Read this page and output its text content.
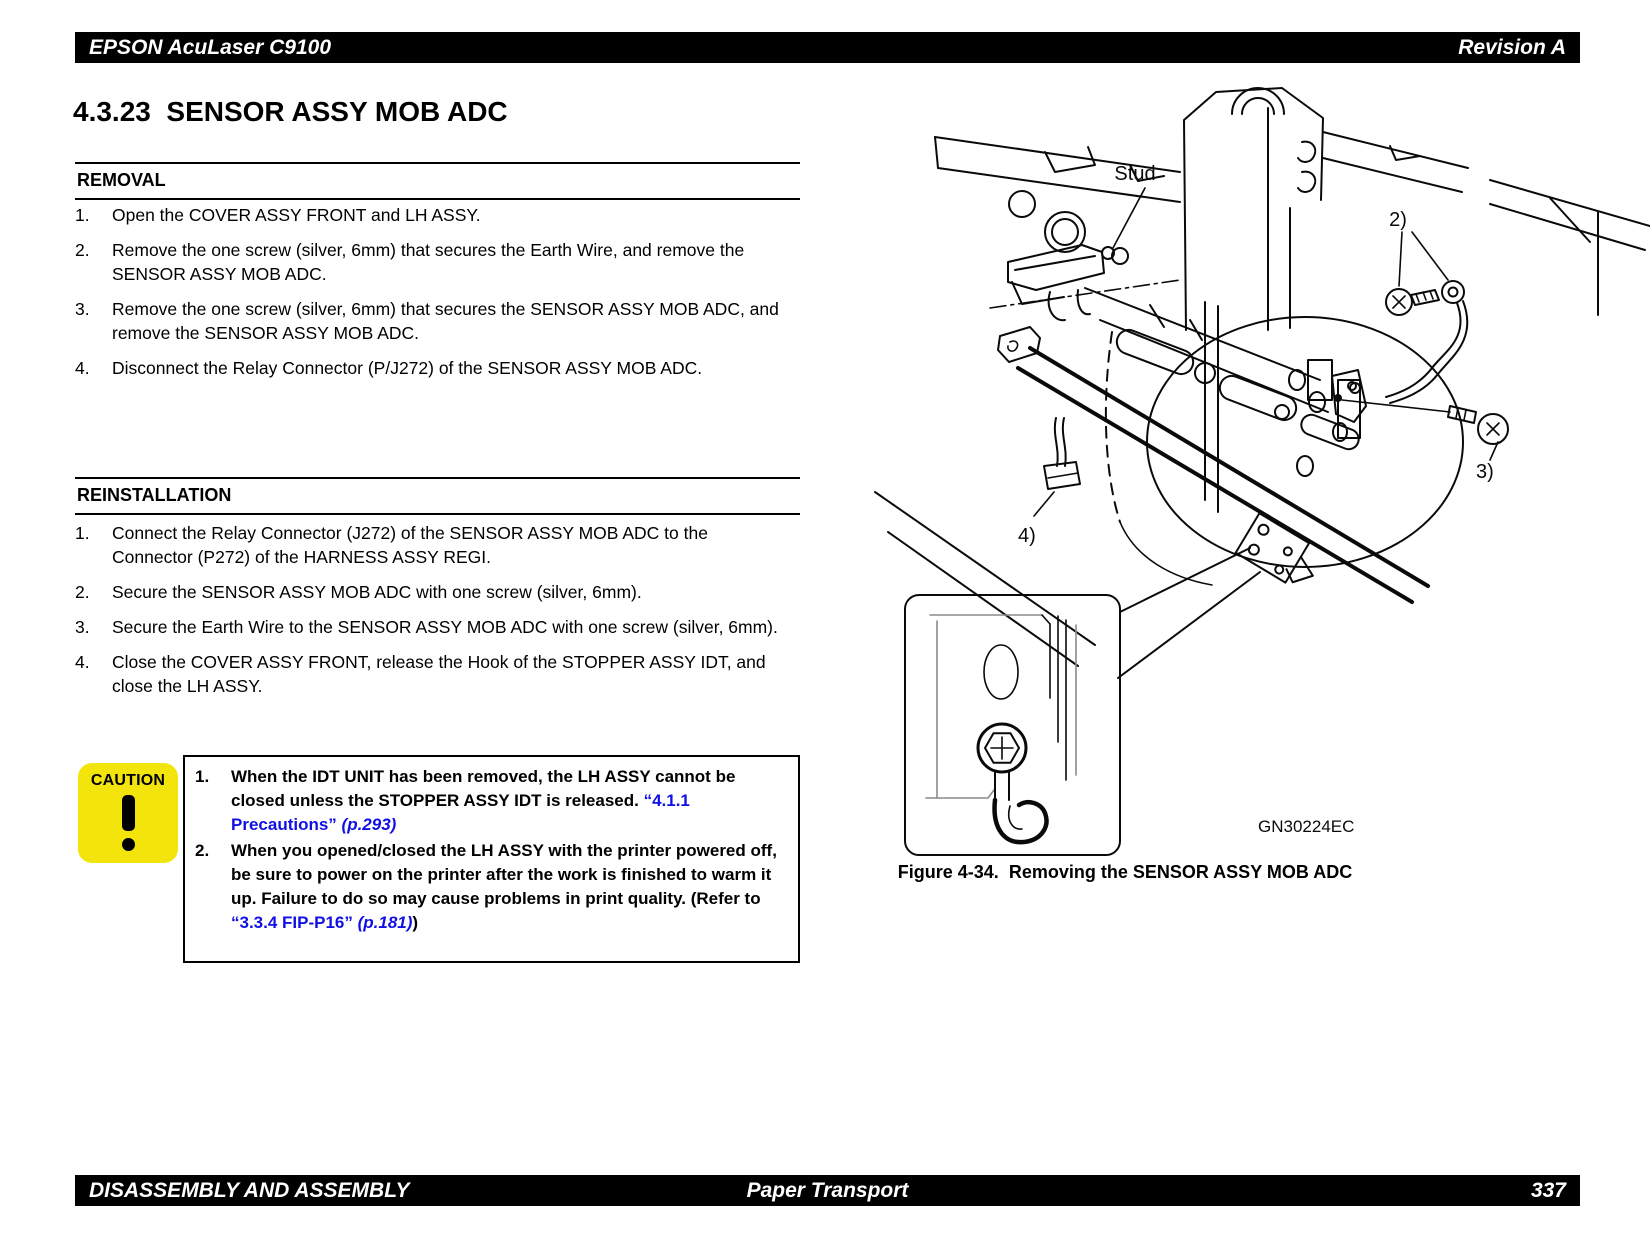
EPSON AcuLaser C9100	Revision A
4.3.23  SENSOR ASSY MOB ADC
REMOVAL
1.	Open the COVER ASSY FRONT and LH ASSY.
2.	Remove the one screw (silver, 6mm) that secures the Earth Wire, and remove the SENSOR ASSY MOB ADC.
3.	Remove the one screw (silver, 6mm) that secures the SENSOR ASSY MOB ADC, and remove the SENSOR ASSY MOB ADC.
4.	Disconnect the Relay Connector (P/J272) of the SENSOR ASSY MOB ADC.
REINSTALLATION
1.	Connect the Relay Connector (J272) of the SENSOR ASSY MOB ADC to the Connector (P272) of the HARNESS ASSY REGI.
2.	Secure the SENSOR ASSY MOB ADC with one screw (silver, 6mm).
3.	Secure the Earth Wire to the SENSOR ASSY MOB ADC with one screw (silver, 6mm).
4.	Close the COVER ASSY FRONT, release the Hook of the STOPPER ASSY IDT, and close the LH ASSY.
CAUTION	1.	When the IDT UNIT has been removed, the LH ASSY cannot be closed unless the STOPPER ASSY IDT is released. “4.1.1 Precautions” (p.293)
2.	When you opened/closed the LH ASSY with the printer powered off, be sure to power on the printer after the work is finished to warm it up. Failure to do so may cause problems in print quality. (Refer to “3.3.4 FIP-P16” (p.181))
Stud
4)
2)
3)
GN30224EC
Figure 4-34.  Removing the SENSOR ASSY MOB ADC
DISASSEMBLY AND ASSEMBLY	Paper Transport	337
